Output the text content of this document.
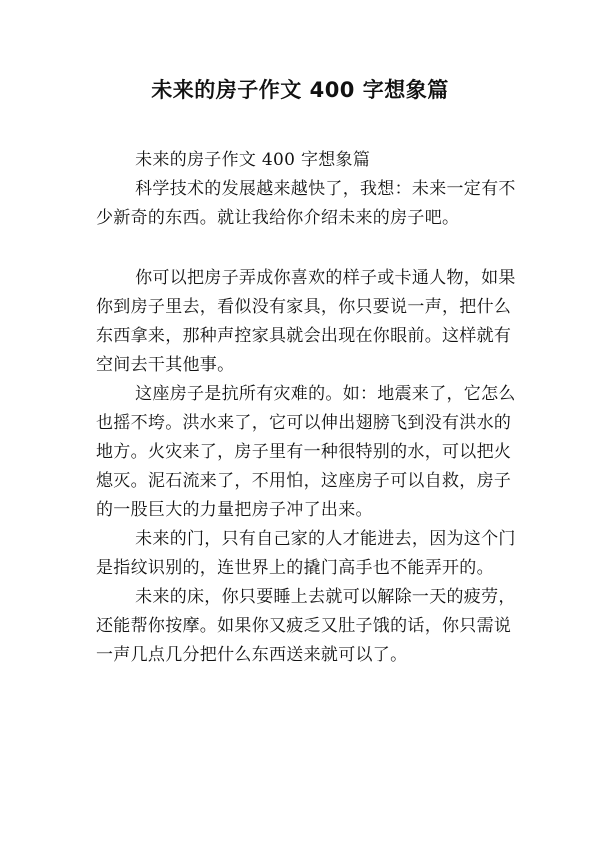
未来的房子作文 400 字想象篇

未来的房子作文 400 字想象篇

科学技术的发展越来越快了，我想：未来一定有不少新奇的东西。就让我给你介绍未来的房子吧。

你可以把房子弄成你喜欢的样子或卡通人物，如果你到房子里去，看似没有家具，你只要说一声，把什么东西拿来，那种声控家具就会出现在你眼前。这样就有空间去干其他事。

这座房子是抗所有灾难的。如：地震来了，它怎么也摇不垮。洪水来了，它可以伸出翅膀飞到没有洪水的地方。火灾来了，房子里有一种很特别的水，可以把火熄灭。泥石流来了，不用怕，这座房子可以自救，房子的一股巨大的力量把房子冲了出来。

未来的门，只有自己家的人才能进去，因为这个门是指纹识别的，连世界上的撬门高手也不能弄开的。

未来的床，你只要睡上去就可以解除一天的疲劳，还能帮你按摩。如果你又疲乏又肚子饿的话，你只需说一声几点几分把什么东西送来就可以了。
